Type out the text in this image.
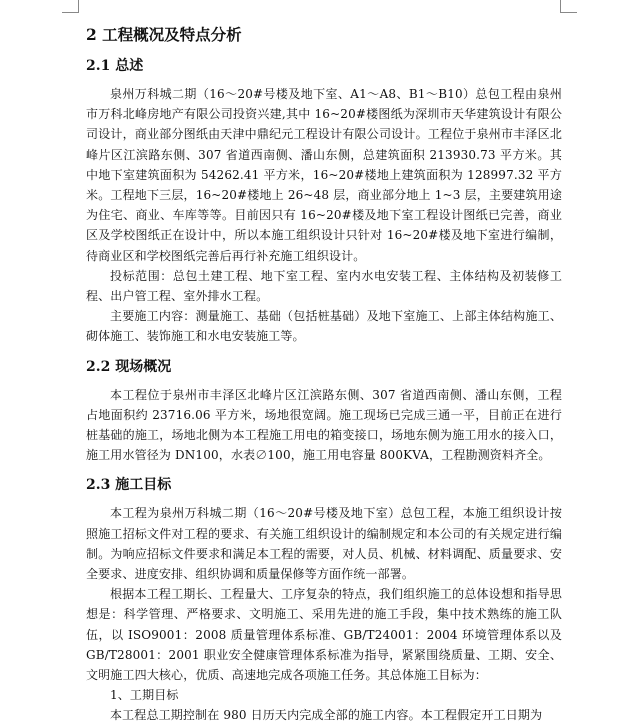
2 工程概况及特点分析
2.1 总述

泉州万科城二期（16～20#号楼及地下室、A1～A8、B1～B10）总包工程由泉州市万科北峰房地产有限公司投资兴建,其中 16~20#楼图纸为深圳市天华建筑设计有限公司设计，商业部分图纸由天津中鼎纪元工程设计有限公司设计。工程位于泉州市丰泽区北峰片区江滨路东侧、307 省道西南侧、潘山东侧，总建筑面积 213930.73 平方米。其中地下室建筑面积为 54262.41 平方米，16~20#楼地上建筑面积为 128997.32 平方米。工程地下三层，16~20#楼地上 26~48 层，商业部分地上 1~3 层，主要建筑用途为住宅、商业、车库等等。目前因只有 16~20#楼及地下室工程设计图纸已完善，商业区及学校图纸正在设计中，所以本施工组织设计只针对 16~20#楼及地下室进行编制，待商业区和学校图纸完善后再行补充施工组织设计。

投标范围：总包土建工程、地下室工程、室内水电安装工程、主体结构及初装修工程、出户管工程、室外排水工程。

主要施工内容：测量施工、基础（包括桩基础）及地下室施工、上部主体结构施工、砌体施工、装饰施工和水电安装施工等。

2.2 现场概况

本工程位于泉州市丰泽区北峰片区江滨路东侧、307 省道西南侧、潘山东侧，工程占地面积约 23716.06 平方米，场地很宽阔。施工现场已完成三通一平，目前正在进行桩基础的施工，场地北侧为本工程施工用电的箱变接口，场地东侧为施工用水的接入口，施工用水管径为 DN100，水表∅100，施工用电容量 800KVA，工程勘测资料齐全。

2.3 施工目标

本工程为泉州万科城二期（16～20#号楼及地下室）总包工程，本施工组织设计按照施工招标文件对工程的要求、有关施工组织设计的编制规定和本公司的有关规定进行编制。为响应招标文件要求和满足本工程的需要，对人员、机械、材料调配、质量要求、安全要求、进度安排、组织协调和质量保修等方面作统一部署。

根据本工程工期长、工程量大、工序复杂的特点，我们组织施工的总体设想和指导思想是：科学管理、严格要求、文明施工、采用先进的施工手段，集中技术熟练的施工队伍，以 ISO9001：2008 质量管理体系标准、GB/T24001：2004 环境管理体系以及 GB/T28001：2001 职业安全健康管理体系标准为指导，紧紧围绕质量、工期、安全、文明施工四大核心，优质、高速地完成各项施工任务。其总体施工目标为：

1、工期目标

本工程总工期控制在 980 日历天内完成全部的施工内容。本工程假定开工日期为
